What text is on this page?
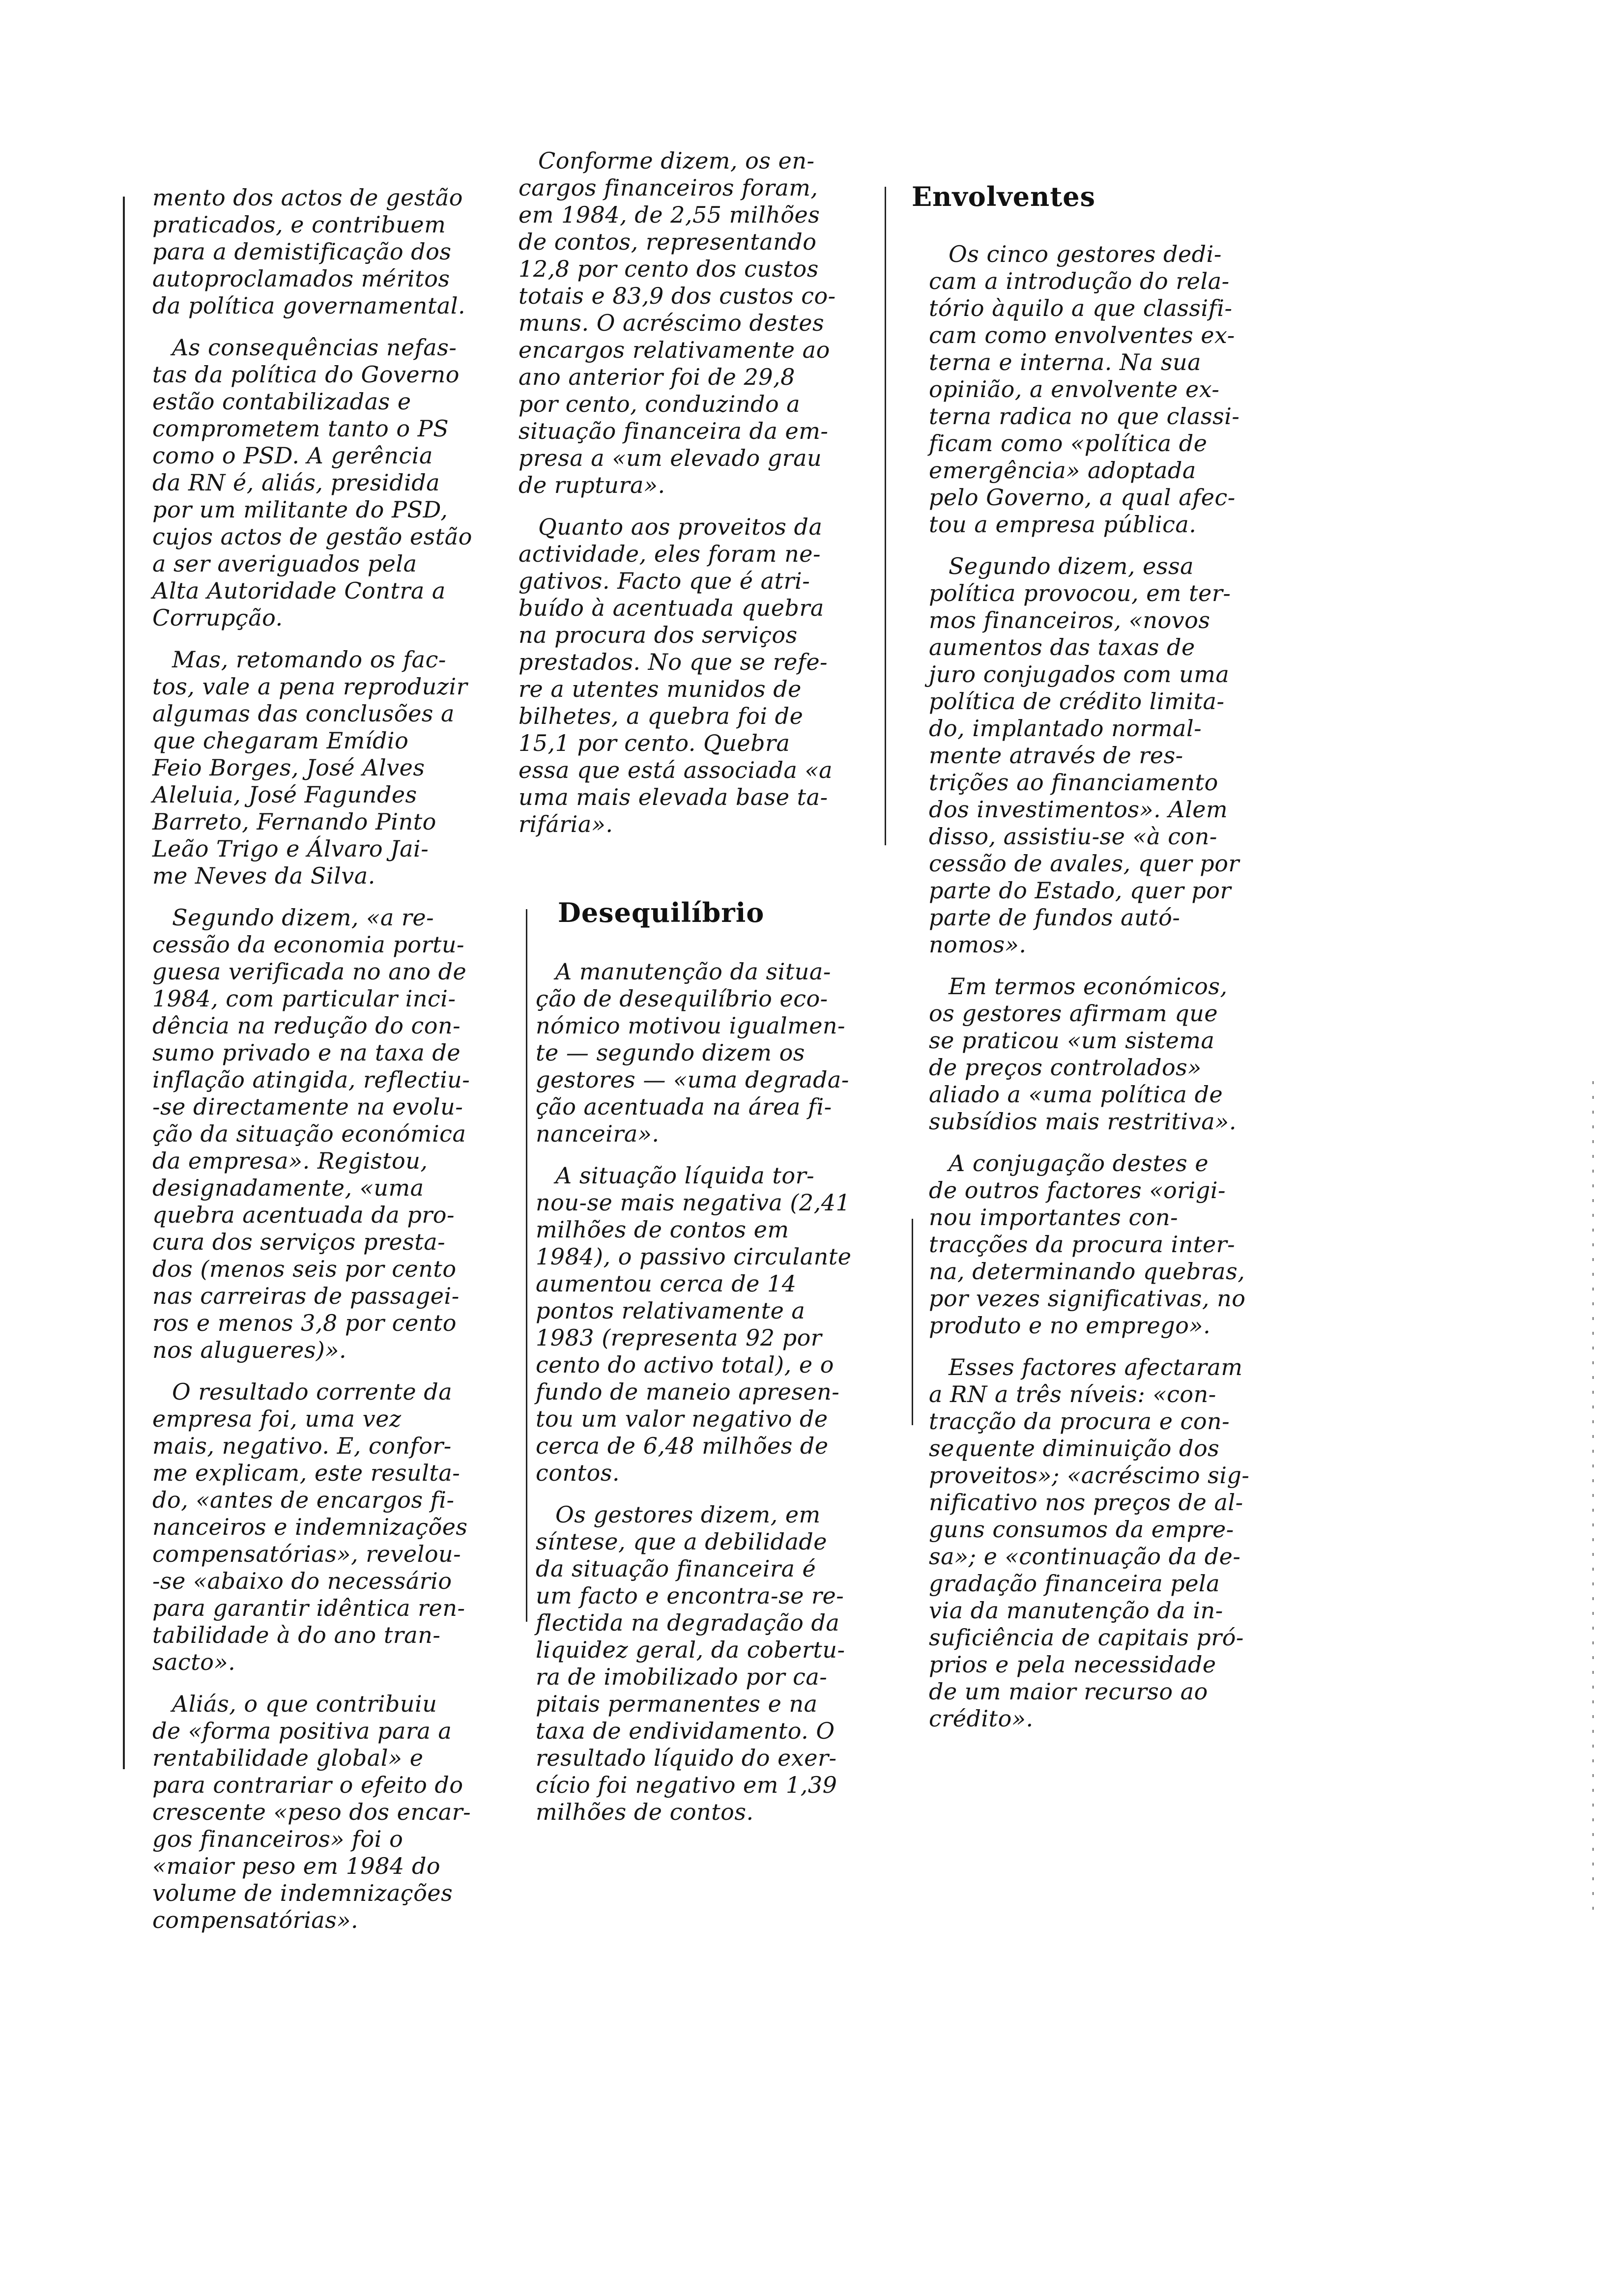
mento dos actos de gestão
praticados, e contribuem
para a demistificação dos
autoproclamados méritos
da política governamental.

As consequências nefas-
tas da política do Governo
estão contabilizadas e
comprometem tanto o PS
como o PSD. A gerência
da RN é, aliás, presidida
por um militante do PSD,
cujos actos de gestão estão
a ser averiguados pela
Alta Autoridade Contra a
Corrupção.

Mas, retomando os fac-
tos, vale a pena reproduzir
algumas das conclusões a
que chegaram Emídio
Feio Borges, José Alves
Aleluia, José Fagundes
Barreto, Fernando Pinto
Leão Trigo e Álvaro Jai-
me Neves da Silva.

Segundo dizem, «a re-
cessão da economia portu-
guesa verificada no ano de
1984, com particular inci-
dência na redução do con-
sumo privado e na taxa de
inflação atingida, reflectiu-
-se directamente na evolu-
ção da situação económica
da empresa». Registou,
designadamente, «uma
quebra acentuada da pro-
cura dos serviços presta-
dos (menos seis por cento
nas carreiras de passagei-
ros e menos 3,8 por cento
nos alugueres)».

O resultado corrente da
empresa foi, uma vez
mais, negativo. E, confor-
me explicam, este resulta-
do, «antes de encargos fi-
nanceiros e indemnizações
compensatórias», revelou-
-se «abaixo do necessário
para garantir idêntica ren-
tabilidade à do ano tran-
sacto».

Aliás, o que contribuiu
de «forma positiva para a
rentabilidade global» e
para contrariar o efeito do
crescente «peso dos encar-
gos financeiros» foi o
«maior peso em 1984 do
volume de indemnizações
compensatórias».

Conforme dizem, os en-
cargos financeiros foram,
em 1984, de 2,55 milhões
de contos, representando
12,8 por cento dos custos
totais e 83,9 dos custos co-
muns. O acréscimo destes
encargos relativamente ao
ano anterior foi de 29,8
por cento, conduzindo a
situação financeira da em-
presa a «um elevado grau
de ruptura».

Quanto aos proveitos da
actividade, eles foram ne-
gativos. Facto que é atri-
buído à acentuada quebra
na procura dos serviços
prestados. No que se refe-
re a utentes munidos de
bilhetes, a quebra foi de
15,1 por cento. Quebra
essa que está associada «a
uma mais elevada base ta-
rifária».

Desequilíbrio

A manutenção da situa-
ção de desequilíbrio eco-
nómico motivou igualmen-
te — segundo dizem os
gestores — «uma degrada-
ção acentuada na área fi-
nanceira».

A situação líquida tor-
nou-se mais negativa (2,41
milhões de contos em
1984), o passivo circulante
aumentou cerca de 14
pontos relativamente a
1983 (representa 92 por
cento do activo total), e o
fundo de maneio apresen-
tou um valor negativo de
cerca de 6,48 milhões de
contos.

Os gestores dizem, em
síntese, que a debilidade
da situação financeira é
um facto e encontra-se re-
flectida na degradação da
liquidez geral, da cobertu-
ra de imobilizado por ca-
pitais permanentes e na
taxa de endividamento. O
resultado líquido do exer-
cício foi negativo em 1,39
milhões de contos.

Envolventes

Os cinco gestores dedi-
cam a introdução do rela-
tório àquilo a que classifi-
cam como envolventes ex-
terna e interna. Na sua
opinião, a envolvente ex-
terna radica no que classi-
ficam como «política de
emergência» adoptada
pelo Governo, a qual afec-
tou a empresa pública.

Segundo dizem, essa
política provocou, em ter-
mos financeiros, «novos
aumentos das taxas de
juro conjugados com uma
política de crédito limita-
do, implantado normal-
mente através de res-
trições ao financiamento
dos investimentos». Alem
disso, assistiu-se «à con-
cessão de avales, quer por
parte do Estado, quer por
parte de fundos autó-
nomos».

Em termos económicos,
os gestores afirmam que
se praticou «um sistema
de preços controlados»
aliado a «uma política de
subsídios mais restritiva».

A conjugação destes e
de outros factores «origi-
nou importantes con-
tracções da procura inter-
na, determinando quebras,
por vezes significativas, no
produto e no emprego».

Esses factores afectaram
a RN a três níveis: «con-
tracção da procura e con-
sequente diminuição dos
proveitos»; «acréscimo sig-
nificativo nos preços de al-
guns consumos da empre-
sa»; e «continuação da de-
gradação financeira pela
via da manutenção da in-
suficiência de capitais pró-
prios e pela necessidade
de um maior recurso ao
crédito».
